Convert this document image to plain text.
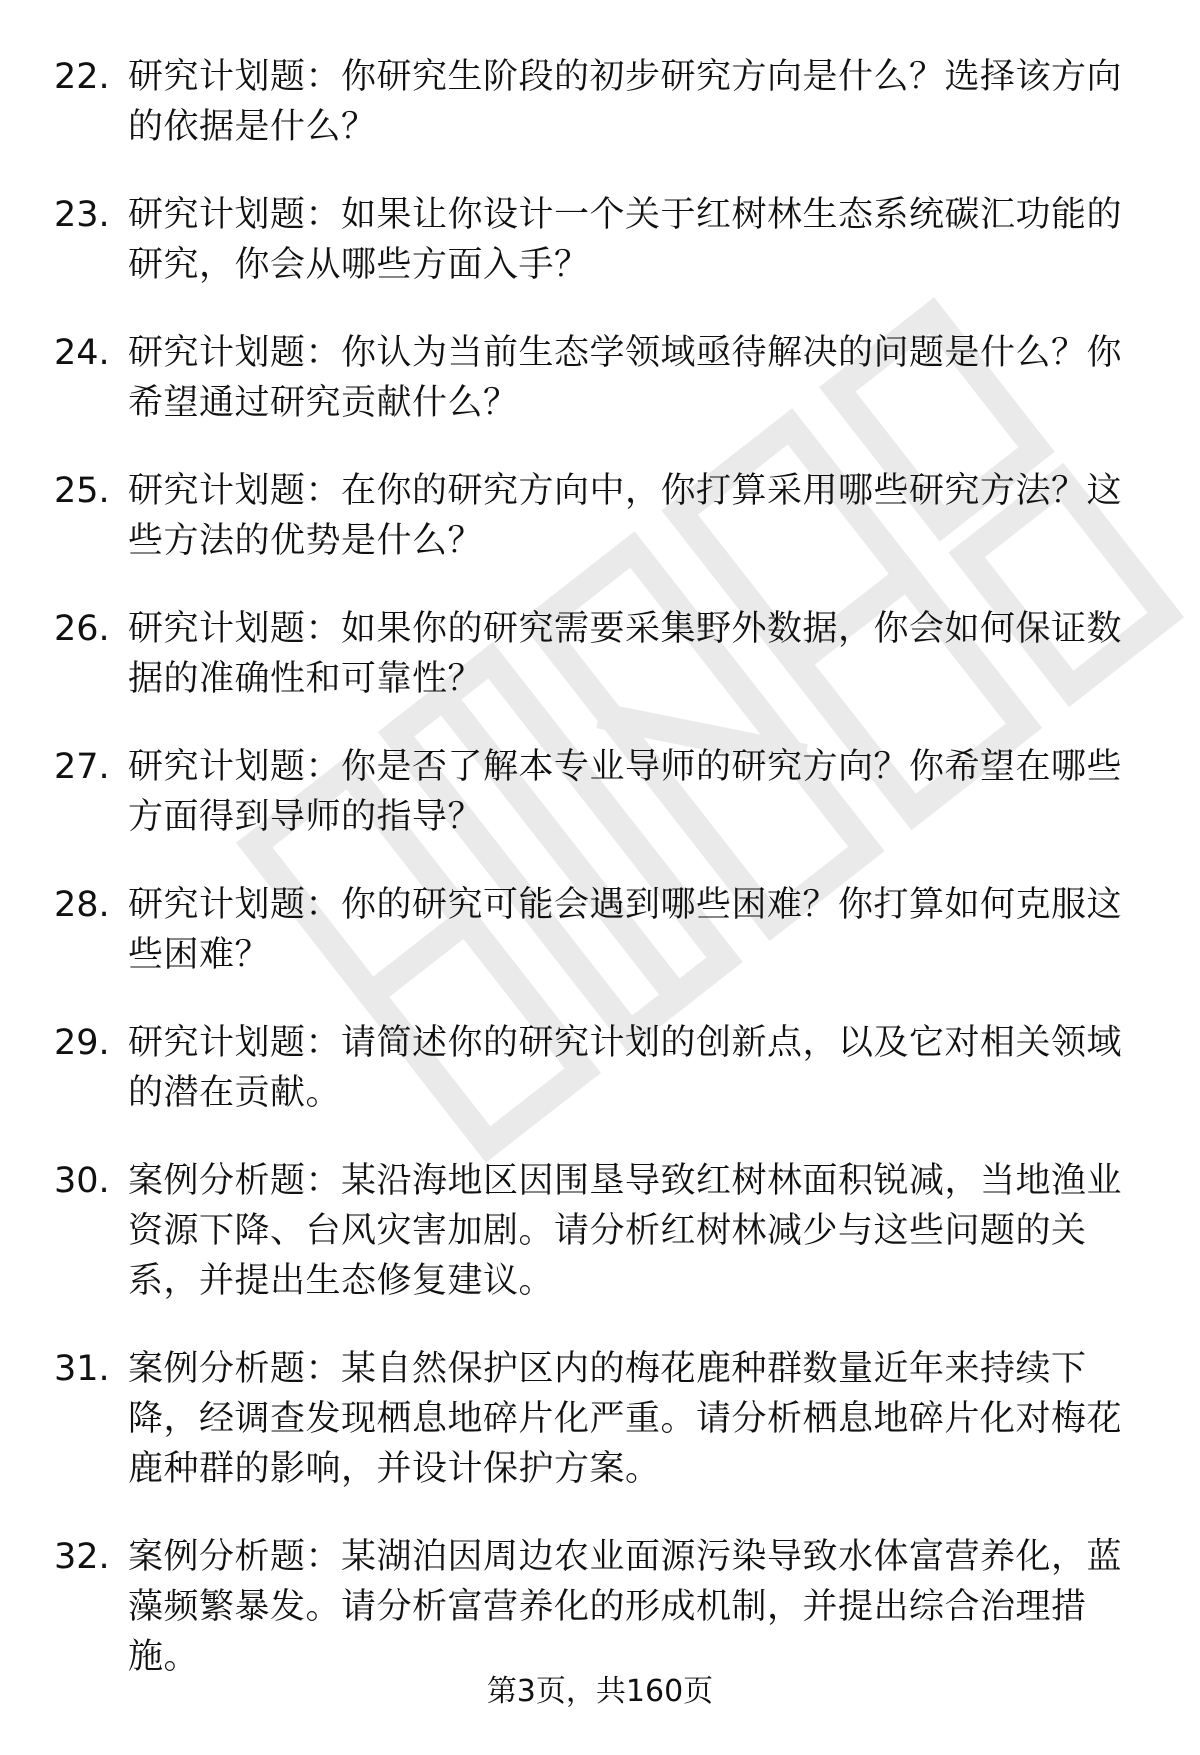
22. 研究计划题：你研究生阶段的初步研究方向是什么？选择该方向的依据是什么？
23. 研究计划题：如果让你设计一个关于红树林生态系统碳汇功能的研究，你会从哪些方面入手？
24. 研究计划题：你认为当前生态学领域亟待解决的问题是什么？你希望通过研究贡献什么？
25. 研究计划题：在你的研究方向中，你打算采用哪些研究方法？这些方法的优势是什么？
26. 研究计划题：如果你的研究需要采集野外数据，你会如何保证数据的准确性和可靠性？
27. 研究计划题：你是否了解本专业导师的研究方向？你希望在哪些方面得到导师的指导？
28. 研究计划题：你的研究可能会遇到哪些困难？你打算如何克服这些困难？
29. 研究计划题：请简述你的研究计划的创新点，以及它对相关领域的潜在贡献。
30. 案例分析题：某沿海地区因围垦导致红树林面积锐减，当地渔业资源下降、台风灾害加剧。请分析红树林减少与这些问题的关系，并提出生态修复建议。
31. 案例分析题：某自然保护区内的梅花鹿种群数量近年来持续下降，经调查发现栖息地碎片化严重。请分析栖息地碎片化对梅花鹿种群的影响，并设计保护方案。
32. 案例分析题：某湖泊因周边农业面源污染导致水体富营养化，蓝藻频繁暴发。请分析富营养化的形成机制，并提出综合治理措施。
第3页，共160页
